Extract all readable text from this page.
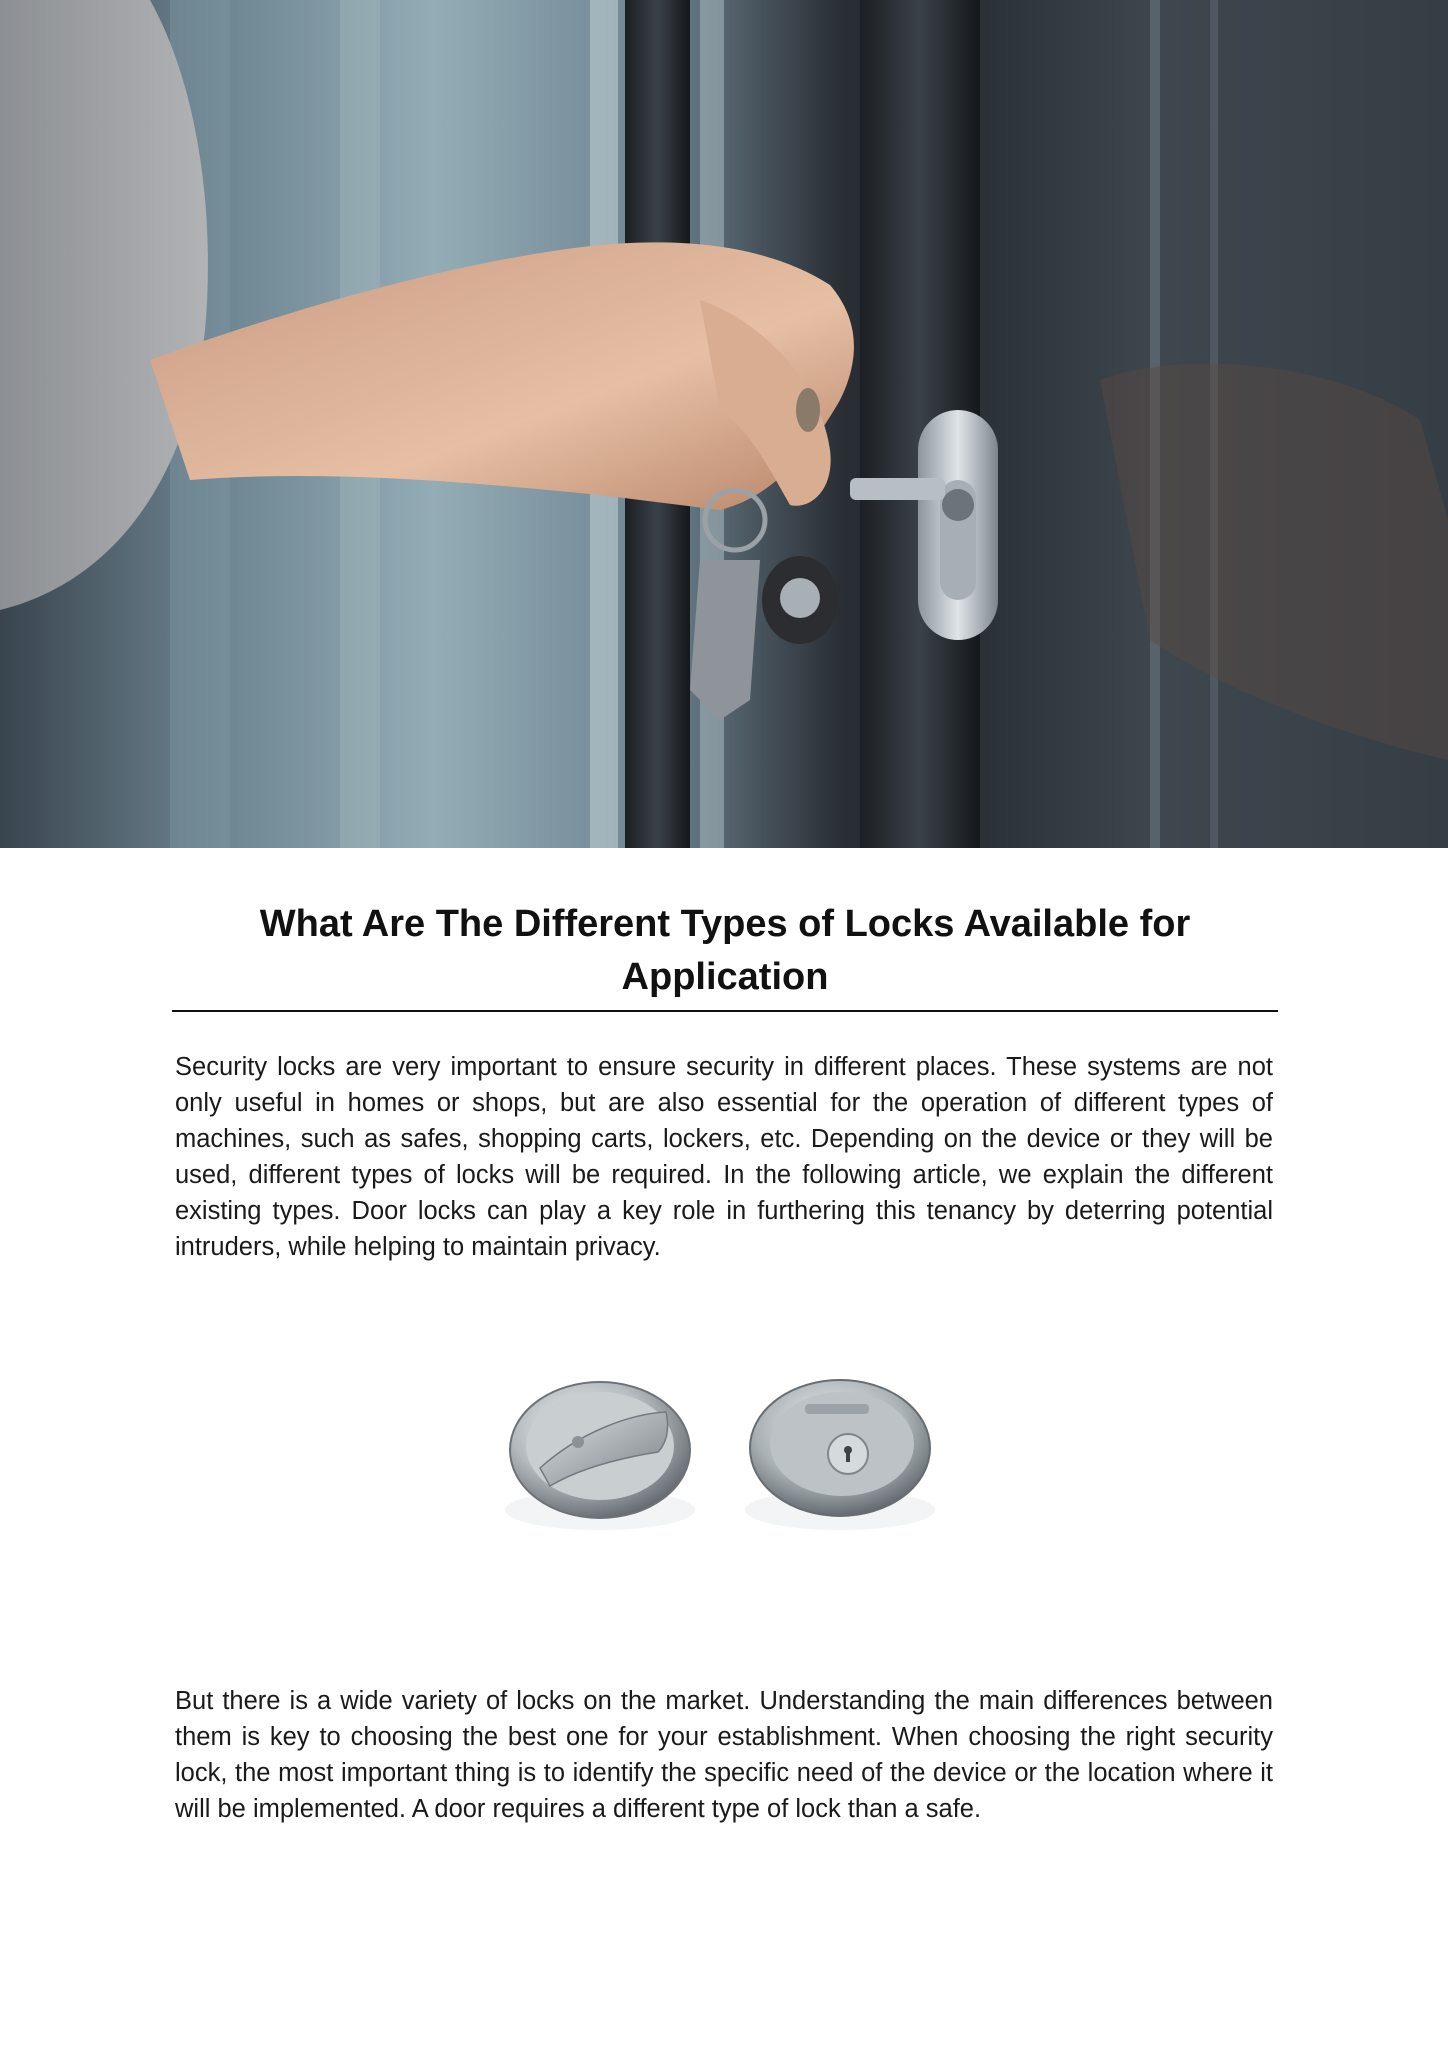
What Are The Different Types of Locks Available for Application

Security locks are very important to ensure security in different places. These systems are not only useful in homes or shops, but are also essential for the operation of different types of machines, such as safes, shopping carts, lockers, etc. Depending on the device or they will be used, different types of locks will be required. In the following article, we explain the different existing types. Door locks can play a key role in furthering this tenancy by deterring potential intruders, while helping to maintain privacy.

But there is a wide variety of locks on the market. Understanding the main differences between them is key to choosing the best one for your establishment. When choosing the right security lock, the most important thing is to identify the specific need of the device or the location where it will be implemented. A door requires a different type of lock than a safe.
